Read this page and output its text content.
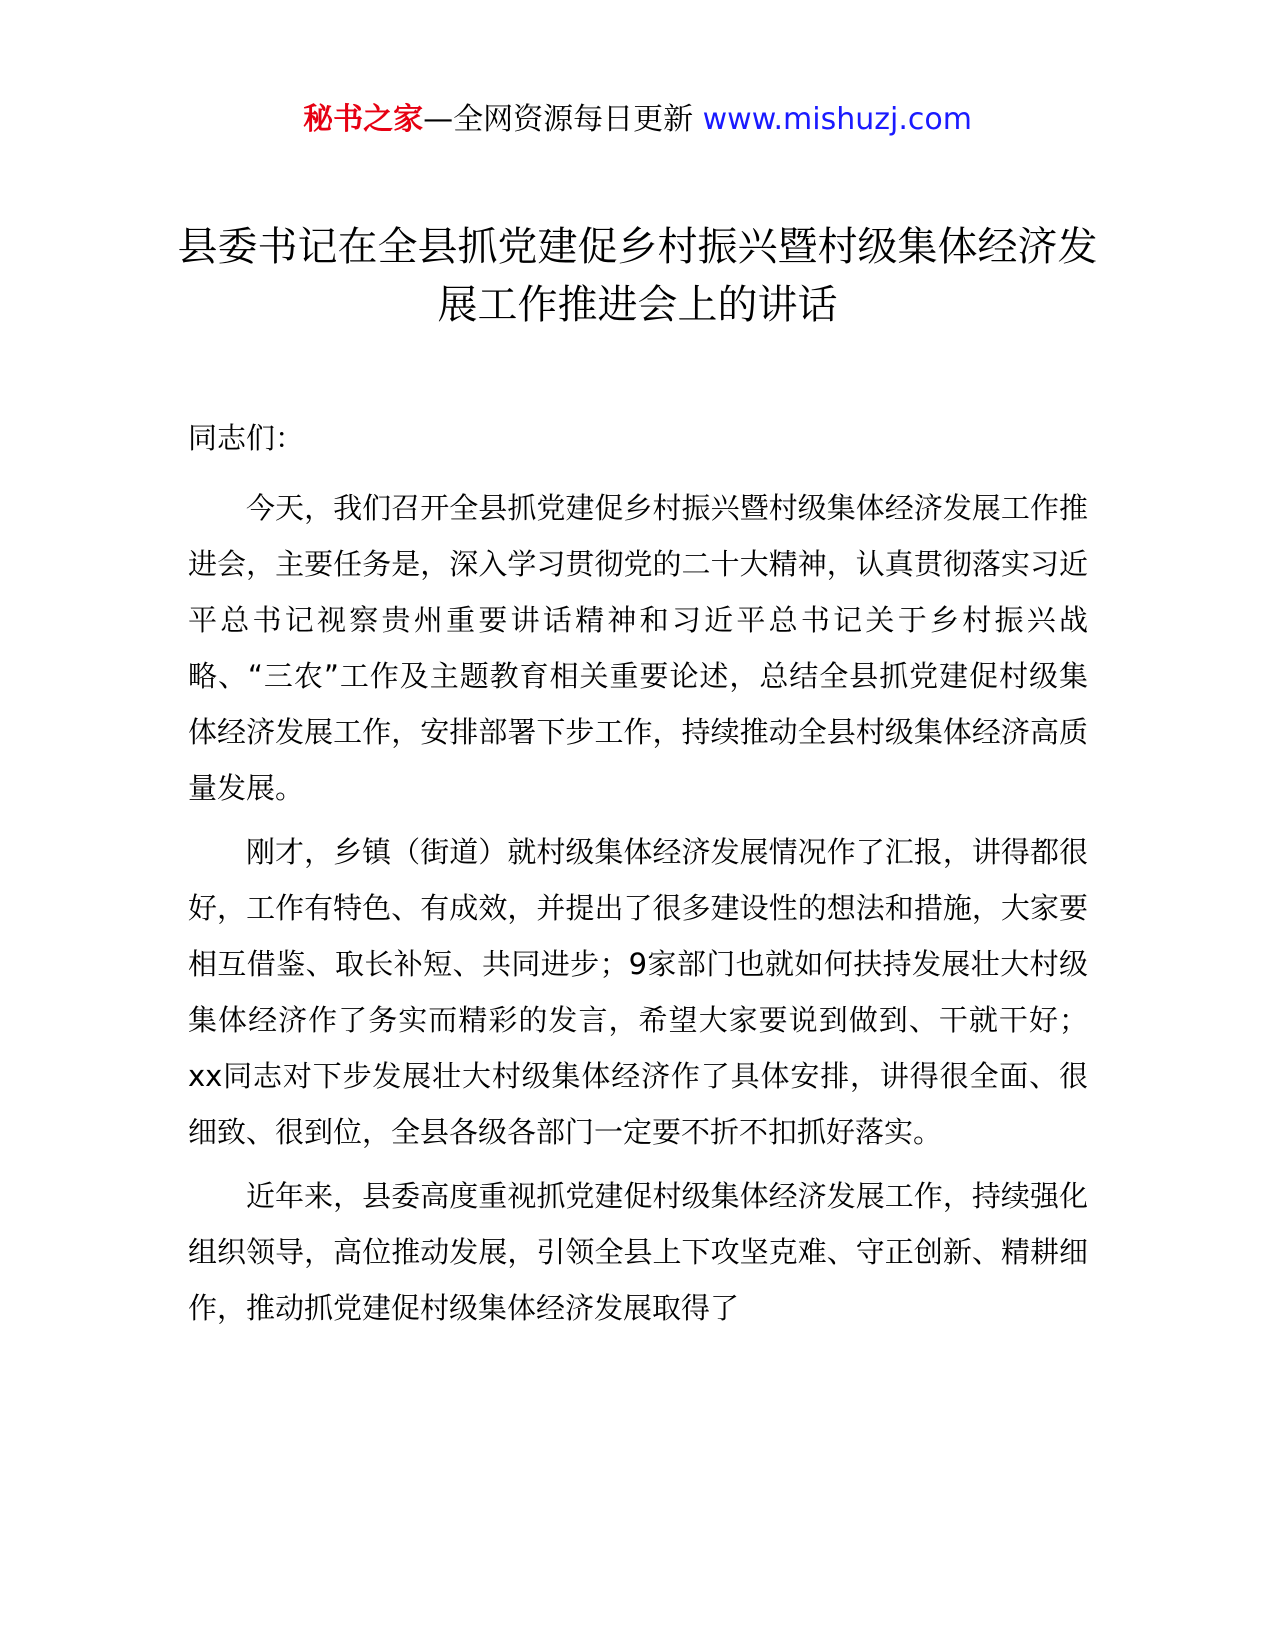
秘书之家—全网资源每日更新 www.mishuzj.com
县委书记在全县抓党建促乡村振兴暨村级集体经济发展工作推进会上的讲话

同志们：

今天，我们召开全县抓党建促乡村振兴暨村级集体经济发展工作推进会，主要任务是，深入学习贯彻党的二十大精神，认真贯彻落实习近平总书记视察贵州重要讲话精神和习近平总书记关于乡村振兴战略、“三农”工作及主题教育相关重要论述，总结全县抓党建促村级集体经济发展工作，安排部署下步工作，持续推动全县村级集体经济高质量发展。

刚才，乡镇（街道）就村级集体经济发展情况作了汇报，讲得都很好，工作有特色、有成效，并提出了很多建设性的想法和措施，大家要相互借鉴、取长补短、共同进步；9家部门也就如何扶持发展壮大村级集体经济作了务实而精彩的发言，希望大家要说到做到、干就干好；xx同志对下步发展壮大村级集体经济作了具体安排，讲得很全面、很细致、很到位，全县各级各部门一定要不折不扣抓好落实。

近年来，县委高度重视抓党建促村级集体经济发展工作，持续强化组织领导，高位推动发展，引领全县上下攻坚克难、守正创新、精耕细作，推动抓党建促村级集体经济发展取得了
